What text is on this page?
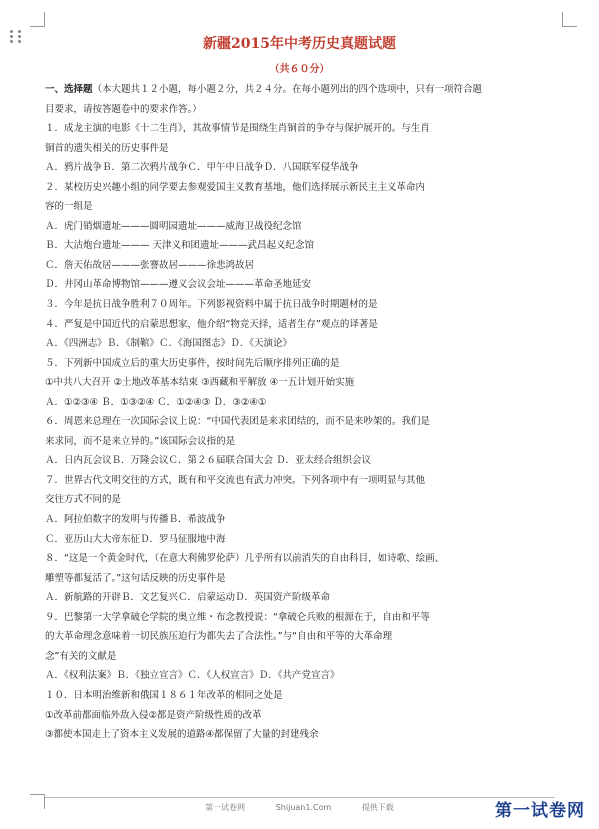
新疆2015年中考历史真题试题
（共６０分）
一、选择题（本大题共１２小题，每小题２分，共２４分。在每小题列出的四个选项中，只有一项符合题
目要求，请按答题卷中的要求作答。）
１．成龙主演的电影《十二生肖》，其故事情节是围绕生肖铜首的争夺与保护展开的。与生肖
铜首的遗失相关的历史事件是
Ａ．鸦片战争Ｂ．第二次鸦片战争Ｃ．甲午中日战争Ｄ．八国联军侵华战争
２．某校历史兴趣小组的同学要去参观爱国主义教育基地，他们选择展示新民主主义革命内
容的一组是
Ａ．虎门销烟遗址———圆明园遗址———威海卫战役纪念馆
Ｂ．大沽炮台遗址——— 天津义和团遗址———武昌起义纪念馆
Ｃ．詹天佑故居———张謇故居———徐悲鸿故居
Ｄ．井冈山革命博物馆———遵义会议会址———革命圣地延安
３．今年是抗日战争胜利７０周年。下列影视资料中属于抗日战争时期题材的是
４．严复是中国近代的启蒙思想家，他介绍“物竞天择，适者生存”观点的译著是
Ａ．《四洲志》Ｂ．《制䩪》Ｃ．《海国图志》Ｄ．《天演论》
５．下列新中国成立后的重大历史事件，按时间先后顺序排列正确的是
①中共八大召开 ②土地改革基本结束 ③西藏和平解放 ④一五计划开始实施
Ａ．①②③④ Ｂ．①③②④ Ｃ．①②④③ Ｄ．③②④①
６．周恩来总理在一次国际会议上说：“中国代表团是来求团结的，而不是来吵架的。我们是
来求同，而不是来立异的。”该国际会议指的是
Ａ．日内瓦会议Ｂ．万隆会议Ｃ．第２６届联合国大会 Ｄ．亚太经合组织会议
７．世界古代文明交往的方式，既有和平交流也有武力冲突。下列各项中有一项明显与其他
交往方式不同的是
Ａ．阿拉伯数字的发明与传播Ｂ．希波战争
Ｃ．亚历山大大帝东征Ｄ．罗马征服地中海
８．“这是一个黄金时代，（在意大利佛罗伦萨）几乎所有以前消失的自由科目，如诗歌、绘画、
雕塑等都复活了。”这句话反映的历史事件是
Ａ．新航路的开辟Ｂ．文艺复兴Ｃ．启蒙运动Ｄ．英国资产阶级革命
９．巴黎第一大学拿破仑学院的奥立维・布念教授说：“拿破仑兵败的根源在于，自由和平等
的大革命理念意味着一切民族压迫行为都失去了合法性。”与“自由和平等的大革命理
念”有关的文献是
Ａ．《权利法案》Ｂ．《独立宣言》Ｃ．《人权宣言》Ｄ．《共产党宣言》
１０．日本明治维新和俄国１８６１年改革的相同之处是
①改革前都面临外敌入侵②都是资产阶级性质的改革
③都使本国走上了资本主义发展的道路④都保留了大量的封建残余
第一试卷网	Shijuan1.Com	提供下载	第一试卷网
